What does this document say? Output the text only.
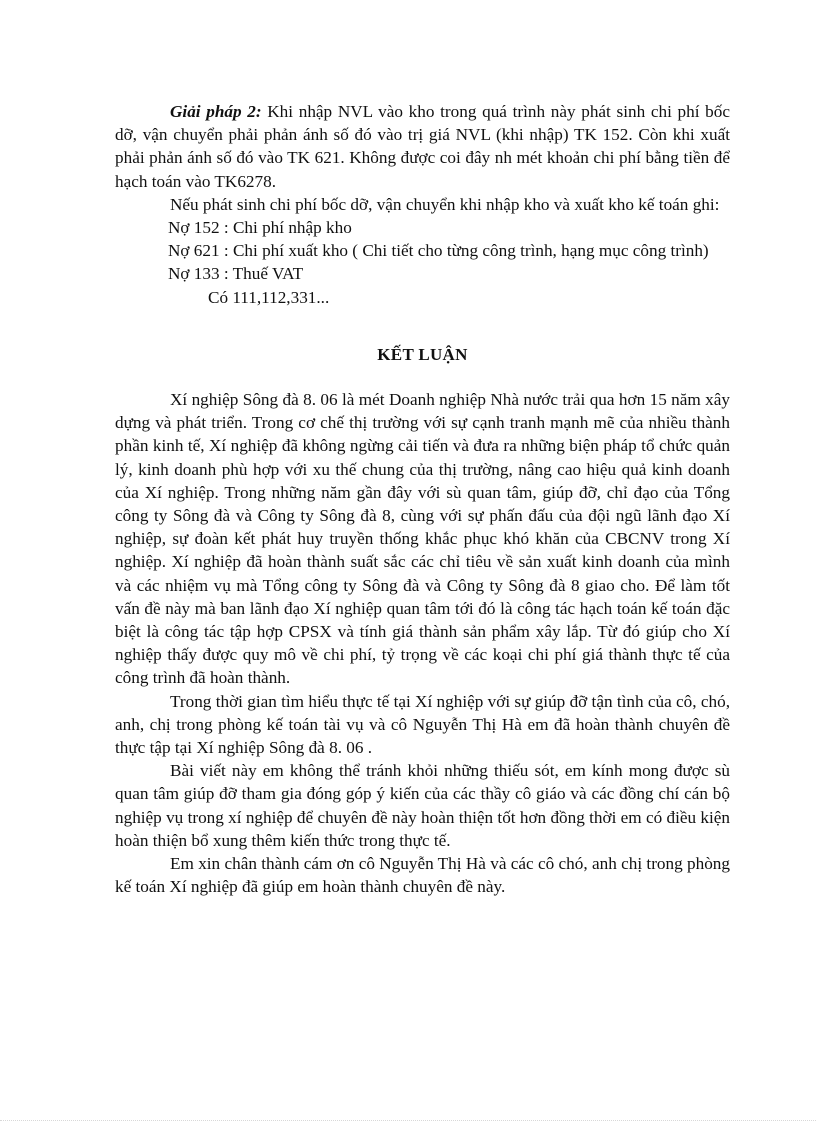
Giải pháp 2: Khi nhập NVL vào kho trong quá trình này phát sinh chi phí bốc dỡ, vận chuyển phải phản ánh số đó vào trị giá NVL (khi nhập) TK 152. Còn khi xuất phải phản ánh số đó vào TK 621. Không được coi đây nh mét khoản chi phí bằng tiền để hạch toán vào TK6278.

Nếu phát sinh chi phí bốc dỡ, vận chuyển khi nhập kho và xuất kho kế toán ghi:

Nợ 152 : Chi phí nhập kho

Nợ 621 : Chi phí xuất kho ( Chi tiết cho từng công trình, hạng mục công trình)

Nợ 133 : Thuế VAT

Có 111,112,331...

KẾT LUẬN

Xí nghiệp Sông đà 8. 06 là mét Doanh nghiệp Nhà nước trải qua hơn 15 năm xây dựng và phát triển. Trong cơ chế thị trường với sự cạnh tranh mạnh mẽ của nhiều thành phần kinh tế, Xí nghiệp đã không ngừng cải tiến và đưa ra những biện pháp tổ chức quản lý, kinh doanh phù hợp với xu thế chung của thị trường, nâng cao hiệu quả kinh doanh của Xí nghiệp. Trong những năm gần đây với sù quan tâm, giúp đỡ, chỉ đạo của Tổng công ty Sông đà và Công ty Sông đà 8, cùng với sự phấn đấu của đội ngũ lãnh đạo Xí nghiệp, sự đoàn kết phát huy truyền thống khắc phục khó khăn của CBCNV trong Xí nghiệp. Xí nghiệp đã hoàn thành suất sắc các chỉ tiêu về sản xuất kinh doanh của mình và các nhiệm vụ mà Tổng công ty Sông đà và Công ty Sông đà 8 giao cho. Để làm tốt vấn đề này mà ban lãnh đạo Xí nghiệp quan tâm tới đó là công tác hạch toán kế toán đặc biệt là công tác tập hợp CPSX và tính giá thành sản phẩm xây lắp. Từ đó giúp cho Xí nghiệp thấy được quy mô về chi phí, tỷ trọng về các koại chi phí giá thành thực tế của công trình đã hoàn thành.

Trong thời gian tìm hiểu thực tế tại Xí nghiệp với sự giúp đỡ tận tình của cô, chó, anh, chị trong phòng kế toán tài vụ và cô Nguyễn Thị Hà em đã hoàn thành chuyên đề thực tập tại Xí nghiệp Sông đà 8. 06 .

Bài viết này em không thể tránh khỏi những thiếu sót, em kính mong được sù quan tâm giúp đỡ tham gia đóng góp ý kiến của các thầy cô giáo và các đồng chí cán bộ nghiệp vụ trong xí nghiệp để chuyên đề này hoàn thiện tốt hơn đồng thời em có điều kiện hoàn thiện bổ xung thêm kiến thức trong thực tế.

Em xin chân thành cám ơn cô Nguyễn Thị Hà và các cô chó, anh chị trong phòng kế toán Xí nghiệp đã giúp em hoàn thành chuyên đề này.
